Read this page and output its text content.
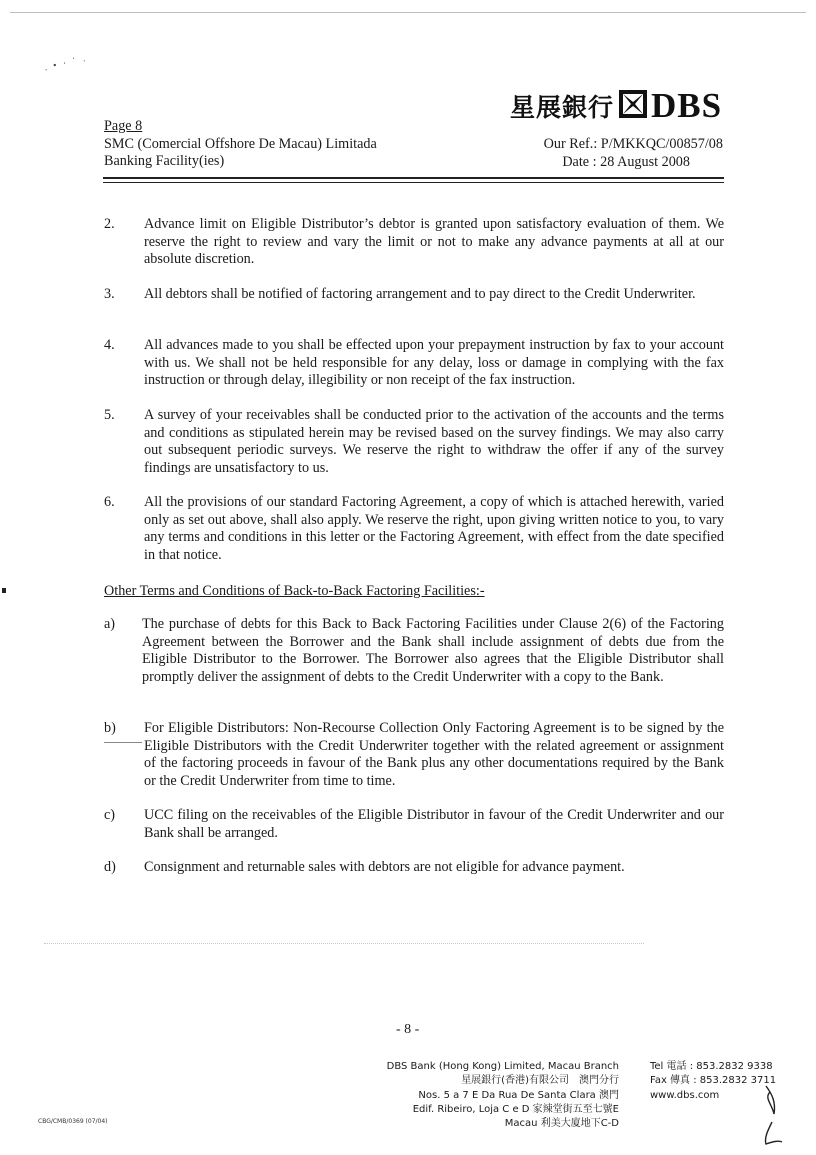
. • · ˙ ˒
星展銀行 DBS
Page 8
SMC (Comercial Offshore De Macau) Limitada
Banking Facility(ies)
Our Ref.: P/MKKQC/00857/08
Date : 28 August 2008
2. Advance limit on Eligible Distributor’s debtor is granted upon satisfactory evaluation of them. We reserve the right to review and vary the limit or not to make any advance payments at all at our absolute discretion.
3. All debtors shall be notified of factoring arrangement and to pay direct to the Credit Underwriter.
4. All advances made to you shall be effected upon your prepayment instruction by fax to your account with us. We shall not be held responsible for any delay, loss or damage in complying with the fax instruction or through delay, illegibility or non receipt of the fax instruction.
5. A survey of your receivables shall be conducted prior to the activation of the accounts and the terms and conditions as stipulated herein may be revised based on the survey findings. We may also carry out subsequent periodic surveys. We reserve the right to withdraw the offer if any of the survey findings are unsatisfactory to us.
6. All the provisions of our standard Factoring Agreement, a copy of which is attached herewith, varied only as set out above, shall also apply. We reserve the right, upon giving written notice to you, to vary any terms and conditions in this letter or the Factoring Agreement, with effect from the date specified in that notice.
Other Terms and Conditions of Back-to-Back Factoring Facilities:-
a) The purchase of debts for this Back to Back Factoring Facilities under Clause 2(6) of the Factoring Agreement between the Borrower and the Bank shall include assignment of debts due from the Eligible Distributor to the Borrower. The Borrower also agrees that the Eligible Distributor shall promptly deliver the assignment of debts to the Credit Underwriter with a copy to the Bank.
b) For Eligible Distributors: Non-Recourse Collection Only Factoring Agreement is to be signed by the Eligible Distributors with the Credit Underwriter together with the related agreement or assignment of the factoring proceeds in favour of the Bank plus any other documentations required by the Bank or the Credit Underwriter from time to time.
c) UCC filing on the receivables of the Eligible Distributor in favour of the Credit Underwriter and our Bank shall be arranged.
d) Consignment and returnable sales with debtors are not eligible for advance payment.
- 8 -
DBS Bank (Hong Kong) Limited, Macau Branch
星展銀行(香港)有限公司　澳門分行
Nos. 5 a 7 E Da Rua De Santa Clara 澳門
Edif. Ribeiro, Loja C e D 家辣堂街五至七號E
Macau 利美大廈地下C-D
Tel 電話 : 853.2832 9338
Fax 傳真 : 853.2832 3711
www.dbs.com
CBG/CMB/0369 (07/04)
